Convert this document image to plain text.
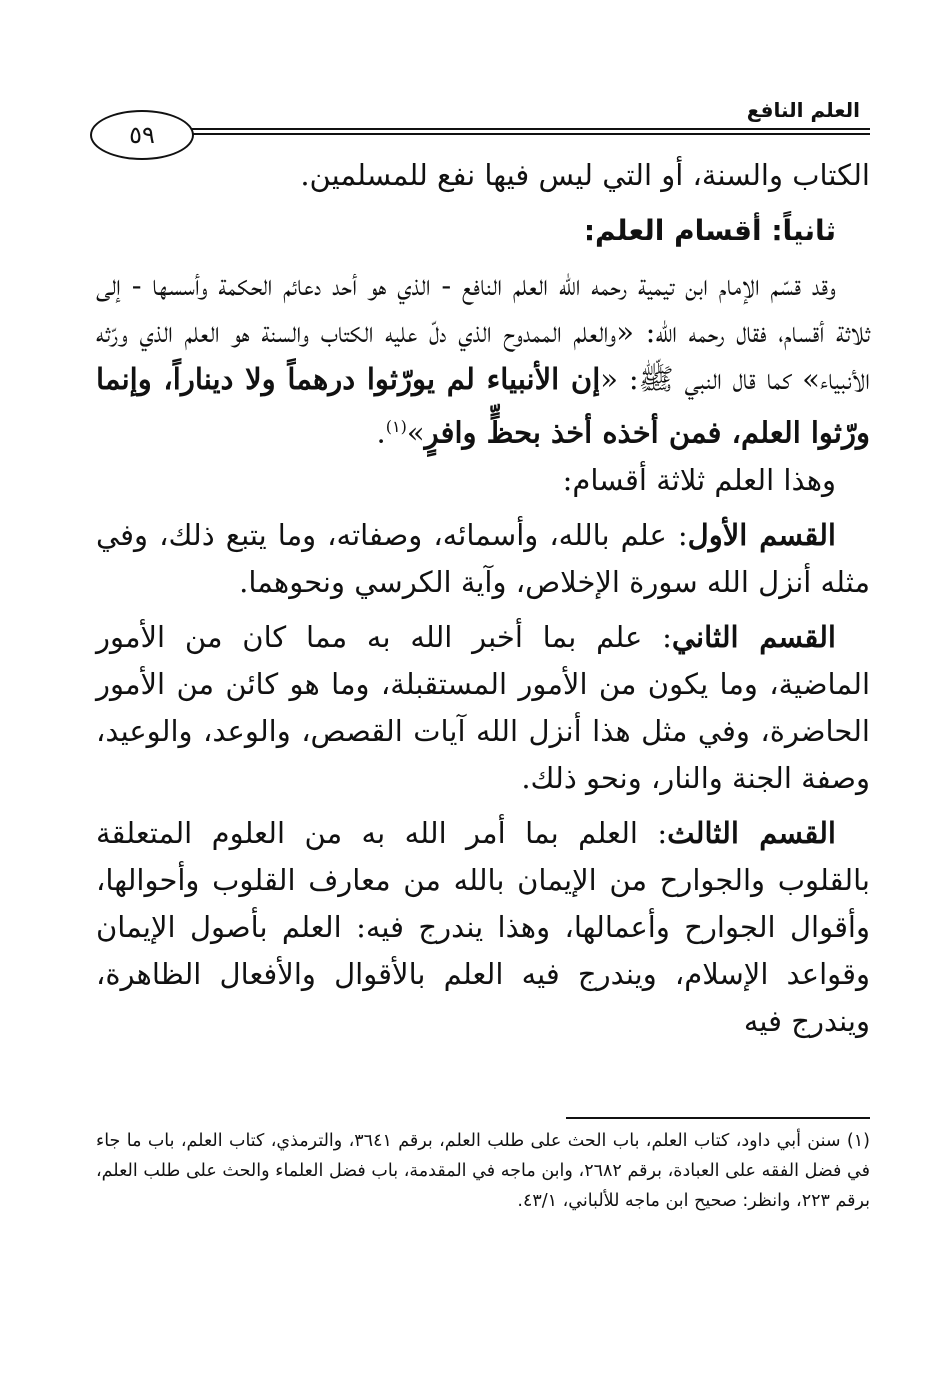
العلم النافع
٥٩

الكتاب والسنة، أو التي ليس فيها نفع للمسلمين.

ثانياً: أقسام العلم:

وقد قسّم الإمام ابن تيمية رحمه الله العلم النافع - الذي هو أحد دعائم الحكمة وأسسها - إلى ثلاثة أقسام، فقال رحمه الله: «والعلم الممدوح الذي دلّ عليه الكتاب والسنة هو العلم الذي ورّثه الأنبياء» كما قال النبي ﷺ: «إن الأنبياء لم يورّثوا درهماً ولا ديناراً، وإنما ورّثوا العلم، فمن أخذه أخذ بحظٍّ وافرٍ»$^{(١)}$.

وهذا العلم ثلاثة أقسام:

القسم الأول: علم بالله، وأسمائه، وصفاته، وما يتبع ذلك، وفي مثله أنزل الله سورة الإخلاص، وآية الكرسي ونحوهما.

القسم الثاني: علم بما أخبر الله به مما كان من الأمور الماضية، وما يكون من الأمور المستقبلة، وما هو كائن من الأمور الحاضرة، وفي مثل هذا أنزل الله آيات القصص، والوعد، والوعيد، وصفة الجنة والنار، ونحو ذلك.

القسم الثالث: العلم بما أمر الله به من العلوم المتعلقة بالقلوب والجوارح من الإيمان بالله من معارف القلوب وأحوالها، وأقوال الجوارح وأعمالها، وهذا يندرج فيه: العلم بأصول الإيمان وقواعد الإسلام، ويندرج فيه العلم بالأقوال والأفعال الظاهرة، ويندرج فيه

(١) سنن أبي داود، كتاب العلم، باب الحث على طلب العلم، برقم ٣٦٤١، والترمذي، كتاب العلم، باب ما جاء في فضل الفقه على العبادة، برقم ٢٦٨٢، وابن ماجه في المقدمة، باب فضل العلماء والحث على طلب العلم، برقم ٢٢٣، وانظر: صحيح ابن ماجه للألباني، ٤٣/١.
